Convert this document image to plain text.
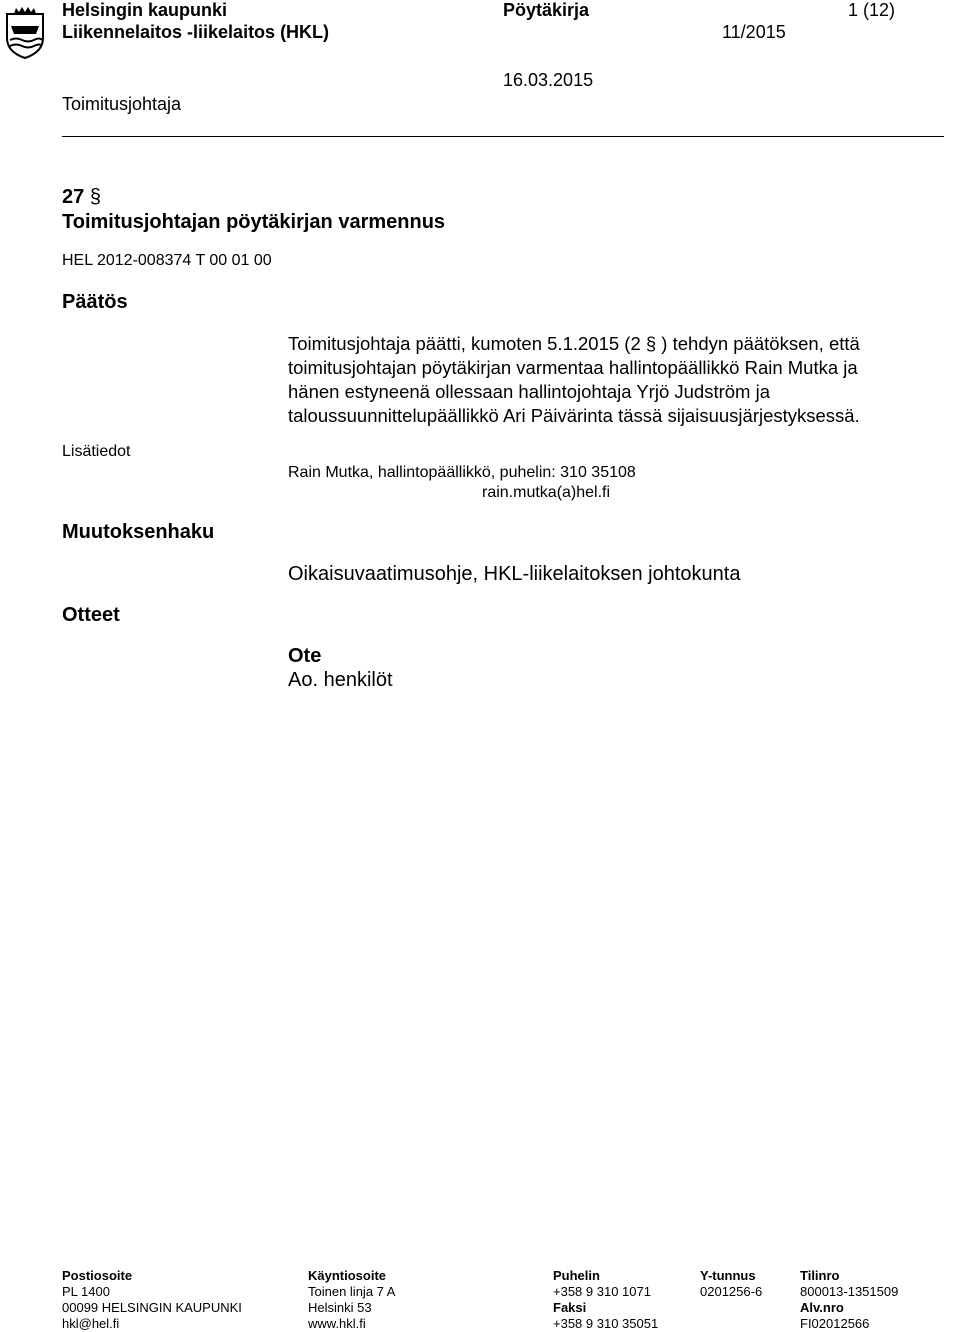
Helsingin kaupunki
Liikennelaitos -liikelaitos (HKL)
Pöytäkirja	1 (12)
11/2015
Toimitusjohtaja
16.03.2015
27 §
Toimitusjohtajan pöytäkirjan varmennus
HEL 2012-008374 T 00 01 00
Päätös
Toimitusjohtaja päätti, kumoten 5.1.2015 (2 § ) tehdyn päätöksen, että
toimitusjohtajan pöytäkirjan varmentaa hallintopäällikkö Rain Mutka ja
hänen estyneenä ollessaan hallintojohtaja Yrjö Judström ja
taloussuunnittelupäällikkö Ari Päivärinta tässä sijaisuusjärjestyksessä.
Lisätiedot
Rain Mutka, hallintopäällikkö, puhelin: 310 35108
rain.mutka(a)hel.fi
Muutoksenhaku
Oikaisuvaatimusohje, HKL-liikelaitoksen johtokunta
Otteet
Ote
Ao. henkilöt
Postiosoite
PL 1400
00099 HELSINGIN KAUPUNKI
hkl@hel.fi
Käyntiosoite
Toinen linja 7 A
Helsinki 53
www.hkl.fi
Puhelin
+358 9 310 1071
Faksi
+358 9 310 35051
Y-tunnus
0201256-6
Tilinro
800013-1351509
Alv.nro
FI02012566
